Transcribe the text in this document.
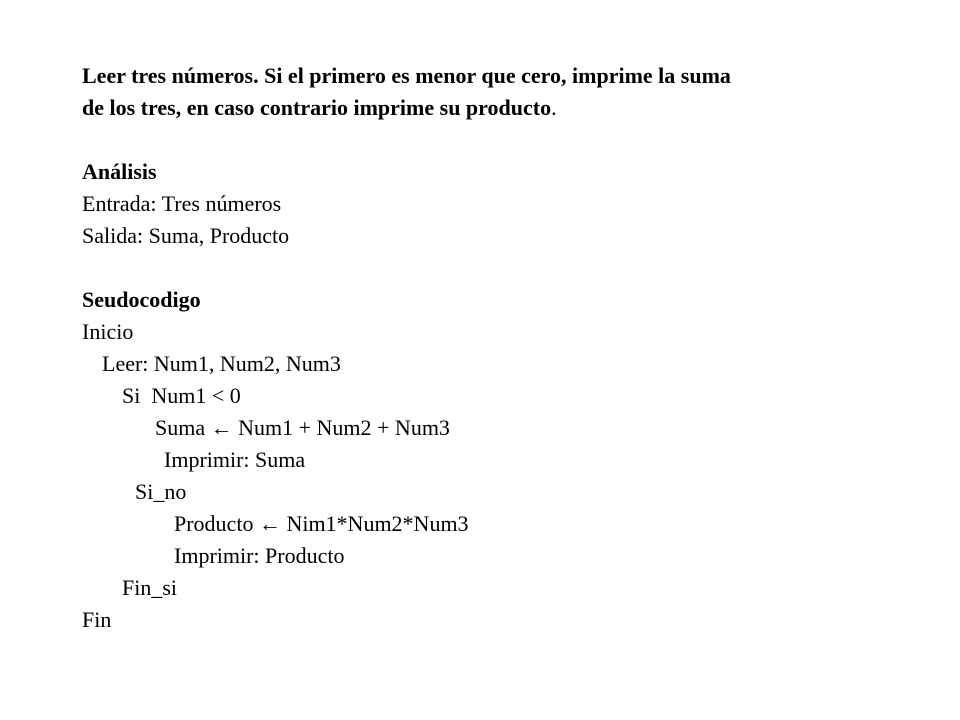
Leer tres números. Si el primero es menor que cero, imprime la suma
de los tres, en caso contrario imprime su producto.
Análisis
Entrada: Tres números
Salida: Suma, Producto
Seudocodigo
Inicio
Leer: Num1, Num2, Num3
Si  Num1 < 0
Suma ← Num1 + Num2 + Num3
Imprimir: Suma
Si_no
Producto ← Nim1*Num2*Num3
Imprimir: Producto
Fin_si
Fin
